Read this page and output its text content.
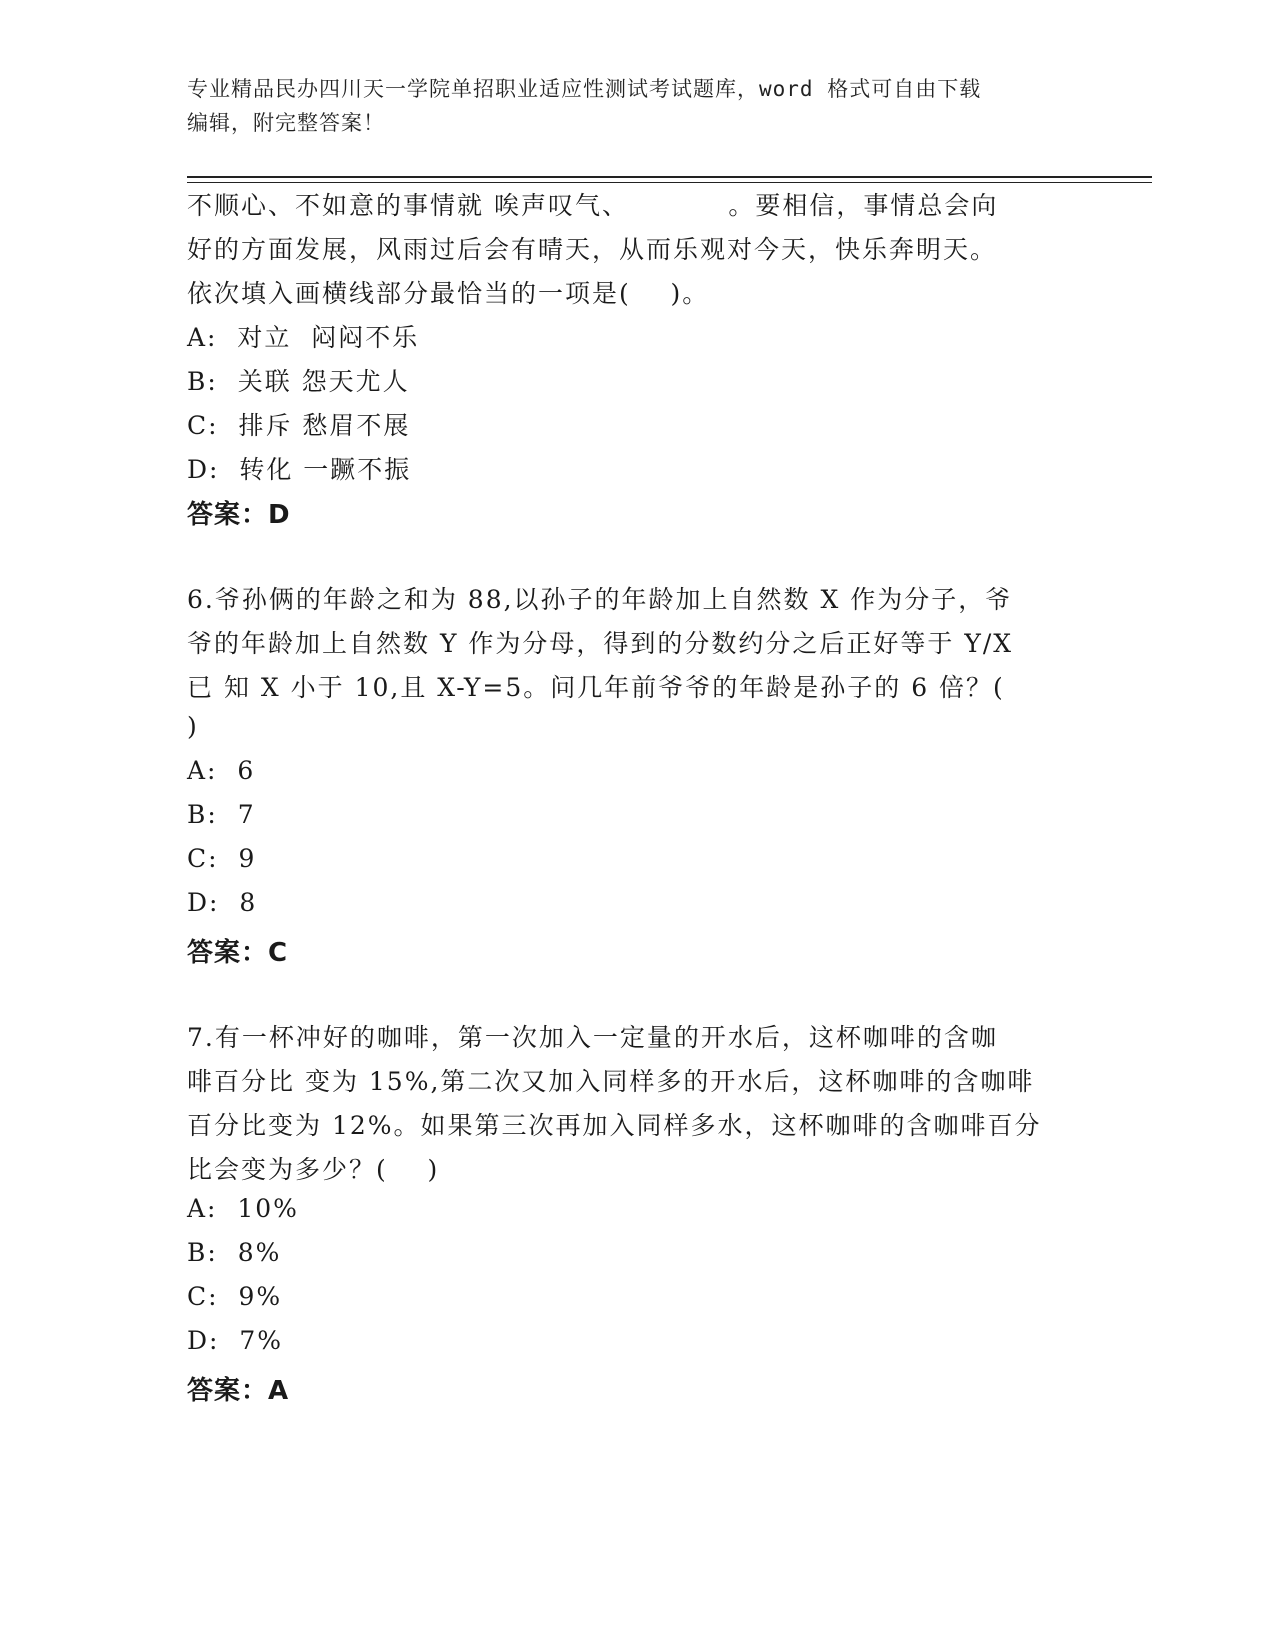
专业精品民办四川天一学院单招职业适应性测试考试题库，word 格式可自由下载
编辑，附完整答案！
不顺心、不如意的事情就 唉声叹气、          。要相信，事情总会向
好的方面发展，风雨过后会有晴天，从而乐观对今天，快乐奔明天。
依次填入画横线部分最恰当的一项是(    )。
A:  对立  闷闷不乐
B:  关联 怨天尤人
C:  排斥 愁眉不展
D:  转化 一蹶不振
答案：D
6.爷孙俩的年龄之和为 88,以孙子的年龄加上自然数 X 作为分子，爷
爷的年龄加上自然数 Y 作为分母，得到的分数约分之后正好等于 Y/X
已 知 X 小于 10,且 X-Y=5。问几年前爷爷的年龄是孙子的 6 倍？(
)
A:  6
B:  7
C:  9
D:  8
答案：C
7.有一杯冲好的咖啡，第一次加入一定量的开水后，这杯咖啡的含咖
啡百分比 变为 15%,第二次又加入同样多的开水后，这杯咖啡的含咖啡
百分比变为 12%。如果第三次再加入同样多水，这杯咖啡的含咖啡百分
比会变为多少？(    )
A:  10%
B:  8%
C:  9%
D:  7%
答案：A
